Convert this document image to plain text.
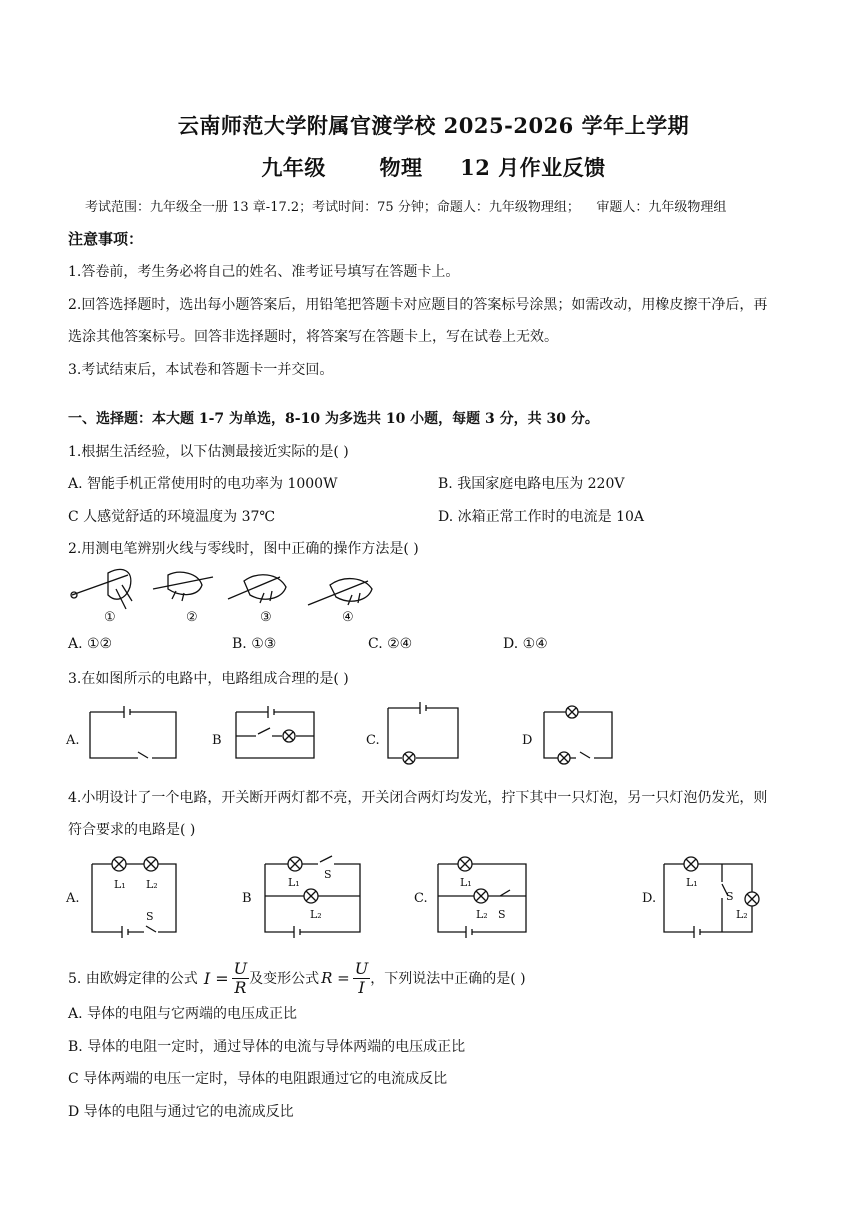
云南师范大学附属官渡学校 2025-2026 学年上学期
九年级	物理 12 月作业反馈
考试范围：九年级全一册 13 章-17.2；考试时间：75 分钟；命题人：九年级物理组；    审题人：九年级物理组
注意事项：
1.答卷前，考生务必将自己的姓名、准考证号填写在答题卡上。
2.回答选择题时，选出每小题答案后，用铅笔把答题卡对应题目的答案标号涂黑；如需改动，用橡皮擦干净后，再
选涂其他答案标号。回答非选择题时，将答案写在答题卡上，写在试卷上无效。
3.考试结束后，本试卷和答题卡一并交回。
一、选择题：本大题 1-7 为单选，8-10 为多选共 10 小题，每题 3 分，共 30 分。
1.根据生活经验，以下估测最接近实际的是( )
A. 智能手机正常使用时的电功率为 1000W	B. 我国家庭电路电压为 220V
C 人感觉舒适的环境温度为 37℃	D. 冰箱正常工作时的电流是 10A
2.用测电笔辨别火线与零线时，图中正确的操作方法是( )
①	②	③	④
A. ①②	B. ①③	C. ②④	D. ①④
3.在如图所示的电路中，电路组成合理的是( )
A.	B	C.	D
4.小明设计了一个电路，开关断开两灯都不亮，开关闭合两灯均发光，拧下其中一只灯泡，另一只灯泡仍发光，则
符合要求的电路是( )
A.
L₁ L₂
S
B
L₁
S
L₂
C.
L₁
L₂ S
D.
L₁
S
L₂
5. 由欧姆定律的公式 $I = \frac{U}{R}$ 及变形公式 $R = \frac{U}{I}$ ，下列说法中正确的是( )
A. 导体的电阻与它两端的电压成正比
B. 导体的电阻一定时，通过导体的电流与导体两端的电压成正比
C 导体两端的电压一定时，导体的电阻跟通过它的电流成反比
D 导体的电阻与通过它的电流成反比
